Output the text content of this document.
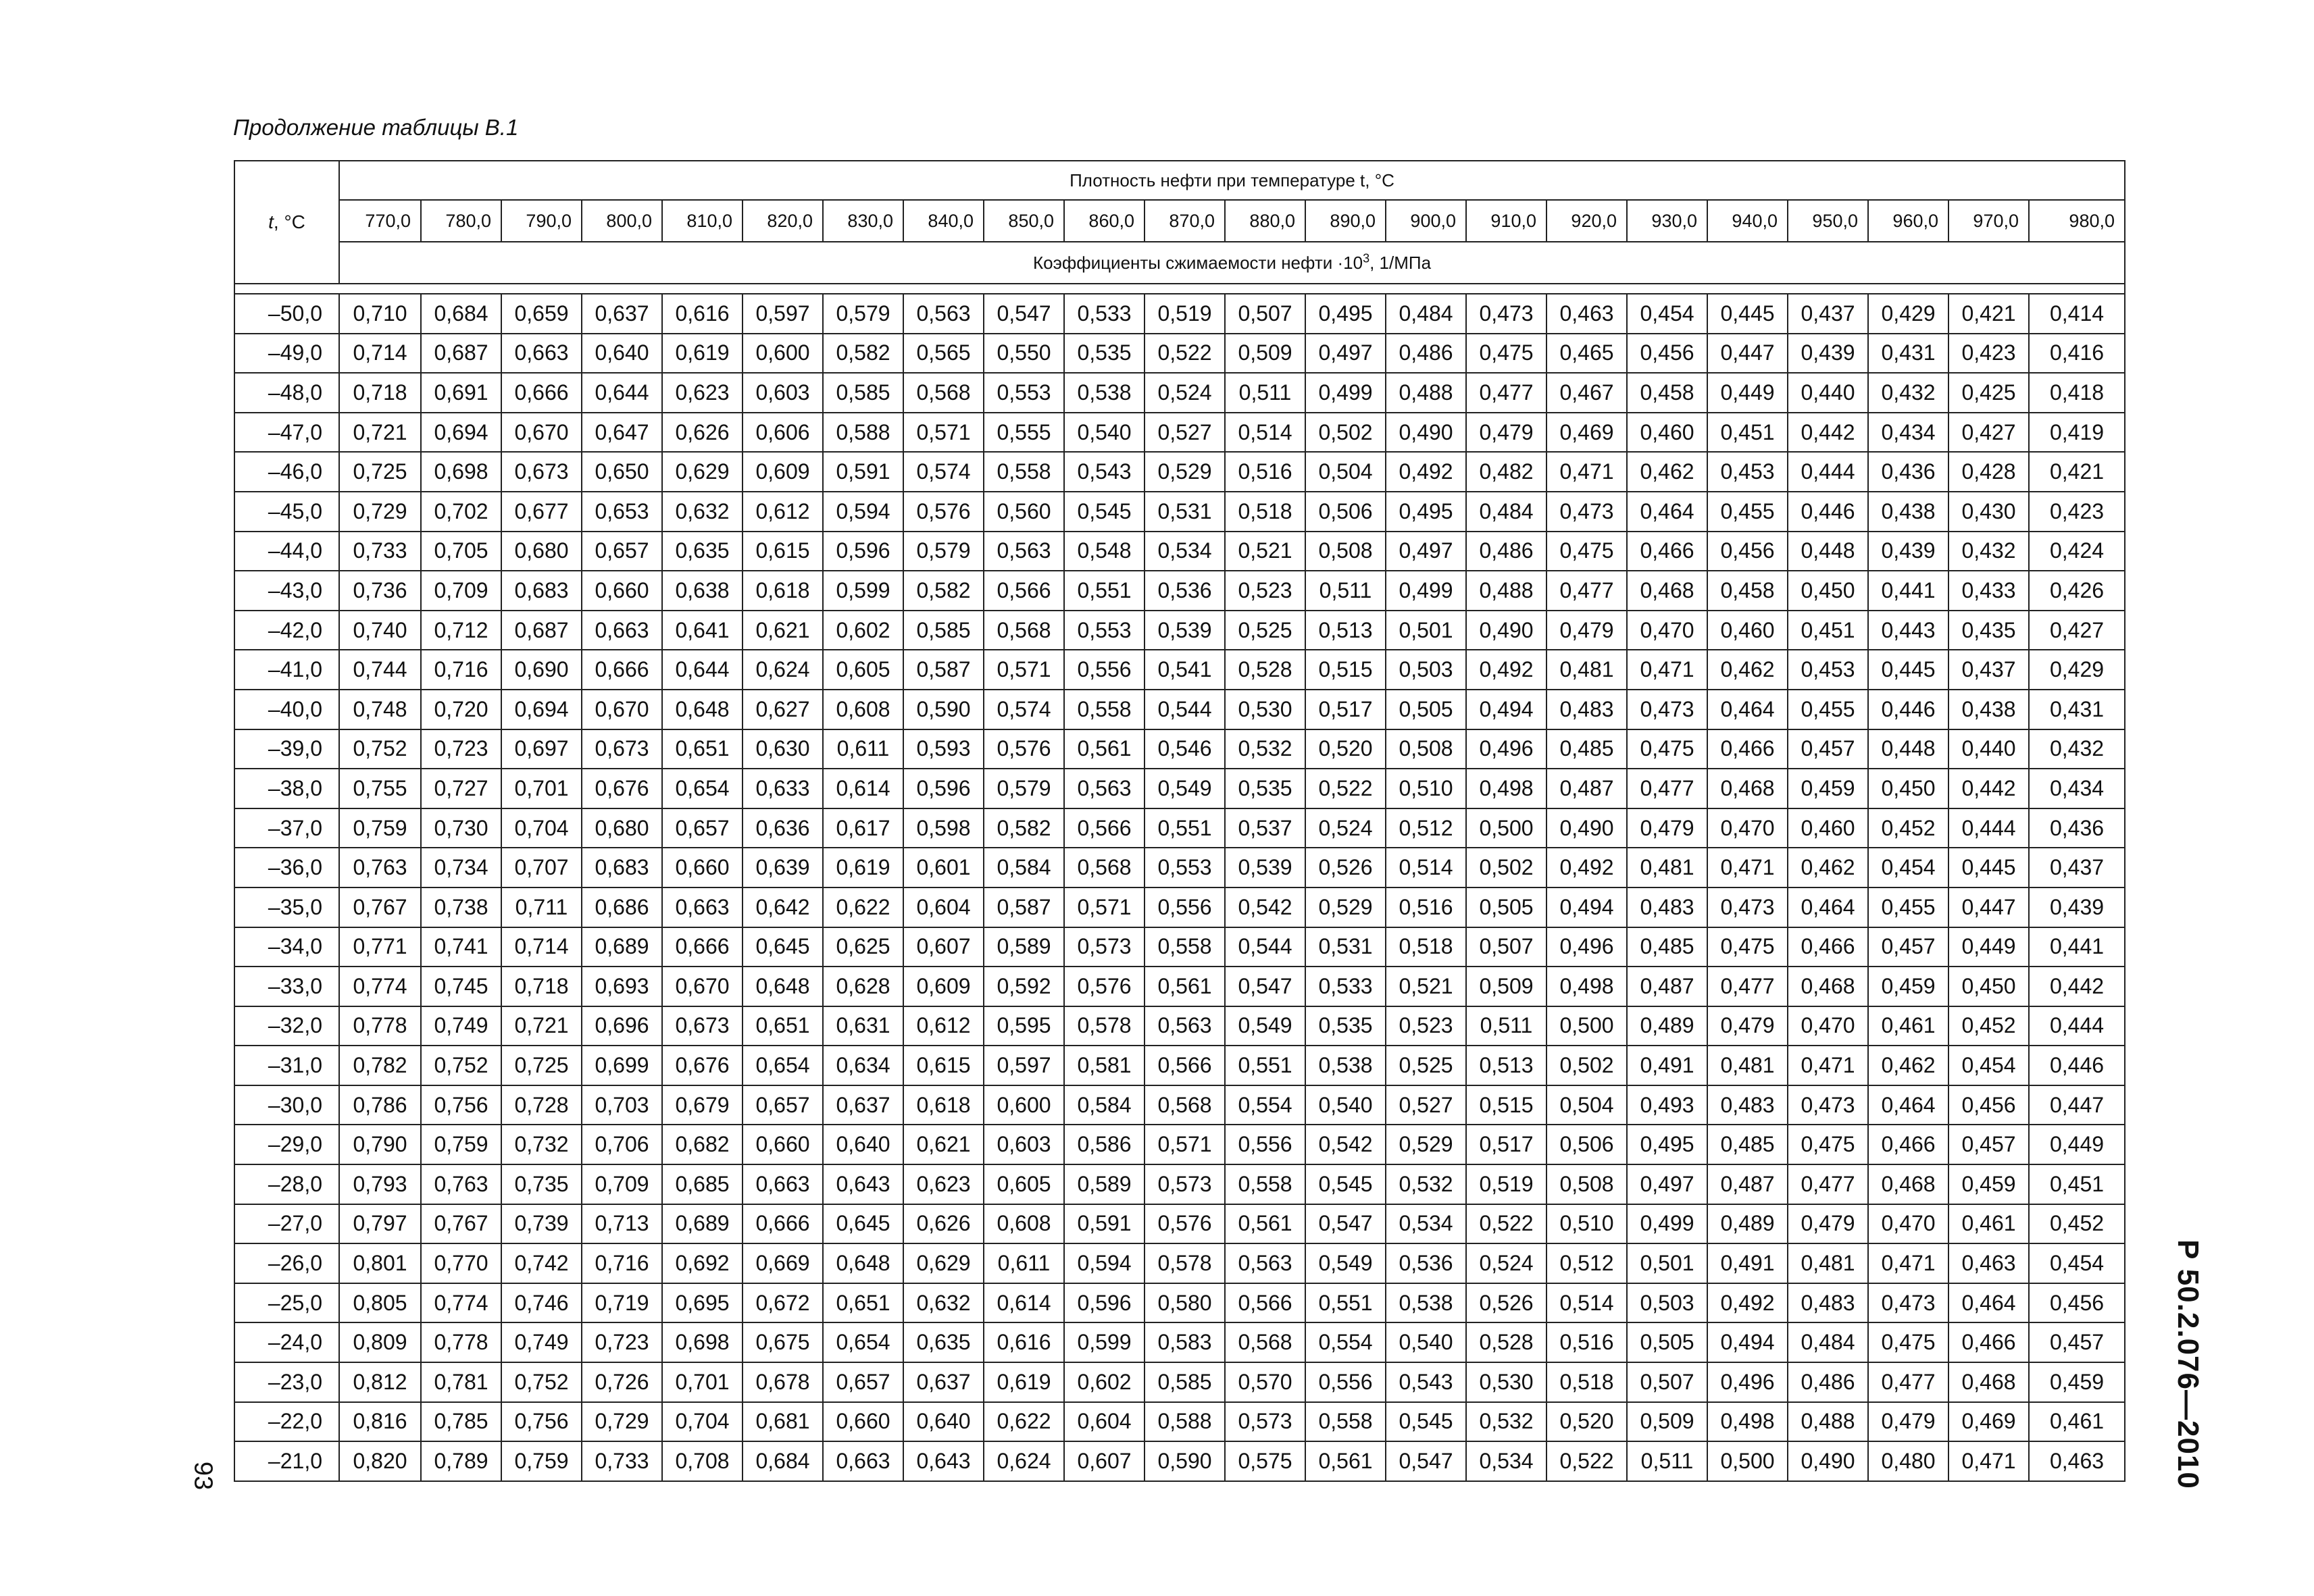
Продолжение таблицы В.1
t, °С	Плотность нефти при температуре t, °С																					
	770,0	780,0	790,0	800,0	810,0	820,0	830,0	840,0	850,0	860,0	870,0	880,0	890,0	900,0	910,0	920,0	930,0	940,0	950,0	960,0	970,0	980,0
	Коэффициенты сжимаемости нефти $\cdot 10^3$, 1/МПа																					

–50,0	0,710	0,684	0,659	0,637	0,616	0,597	0,579	0,563	0,547	0,533	0,519	0,507	0,495	0,484	0,473	0,463	0,454	0,445	0,437	0,429	0,421	0,414
–49,0	0,714	0,687	0,663	0,640	0,619	0,600	0,582	0,565	0,550	0,535	0,522	0,509	0,497	0,486	0,475	0,465	0,456	0,447	0,439	0,431	0,423	0,416
–48,0	0,718	0,691	0,666	0,644	0,623	0,603	0,585	0,568	0,553	0,538	0,524	0,511	0,499	0,488	0,477	0,467	0,458	0,449	0,440	0,432	0,425	0,418
–47,0	0,721	0,694	0,670	0,647	0,626	0,606	0,588	0,571	0,555	0,540	0,527	0,514	0,502	0,490	0,479	0,469	0,460	0,451	0,442	0,434	0,427	0,419
–46,0	0,725	0,698	0,673	0,650	0,629	0,609	0,591	0,574	0,558	0,543	0,529	0,516	0,504	0,492	0,482	0,471	0,462	0,453	0,444	0,436	0,428	0,421
–45,0	0,729	0,702	0,677	0,653	0,632	0,612	0,594	0,576	0,560	0,545	0,531	0,518	0,506	0,495	0,484	0,473	0,464	0,455	0,446	0,438	0,430	0,423
–44,0	0,733	0,705	0,680	0,657	0,635	0,615	0,596	0,579	0,563	0,548	0,534	0,521	0,508	0,497	0,486	0,475	0,466	0,456	0,448	0,439	0,432	0,424
–43,0	0,736	0,709	0,683	0,660	0,638	0,618	0,599	0,582	0,566	0,551	0,536	0,523	0,511	0,499	0,488	0,477	0,468	0,458	0,450	0,441	0,433	0,426
–42,0	0,740	0,712	0,687	0,663	0,641	0,621	0,602	0,585	0,568	0,553	0,539	0,525	0,513	0,501	0,490	0,479	0,470	0,460	0,451	0,443	0,435	0,427
–41,0	0,744	0,716	0,690	0,666	0,644	0,624	0,605	0,587	0,571	0,556	0,541	0,528	0,515	0,503	0,492	0,481	0,471	0,462	0,453	0,445	0,437	0,429
–40,0	0,748	0,720	0,694	0,670	0,648	0,627	0,608	0,590	0,574	0,558	0,544	0,530	0,517	0,505	0,494	0,483	0,473	0,464	0,455	0,446	0,438	0,431
–39,0	0,752	0,723	0,697	0,673	0,651	0,630	0,611	0,593	0,576	0,561	0,546	0,532	0,520	0,508	0,496	0,485	0,475	0,466	0,457	0,448	0,440	0,432
–38,0	0,755	0,727	0,701	0,676	0,654	0,633	0,614	0,596	0,579	0,563	0,549	0,535	0,522	0,510	0,498	0,487	0,477	0,468	0,459	0,450	0,442	0,434
–37,0	0,759	0,730	0,704	0,680	0,657	0,636	0,617	0,598	0,582	0,566	0,551	0,537	0,524	0,512	0,500	0,490	0,479	0,470	0,460	0,452	0,444	0,436
–36,0	0,763	0,734	0,707	0,683	0,660	0,639	0,619	0,601	0,584	0,568	0,553	0,539	0,526	0,514	0,502	0,492	0,481	0,471	0,462	0,454	0,445	0,437
–35,0	0,767	0,738	0,711	0,686	0,663	0,642	0,622	0,604	0,587	0,571	0,556	0,542	0,529	0,516	0,505	0,494	0,483	0,473	0,464	0,455	0,447	0,439
–34,0	0,771	0,741	0,714	0,689	0,666	0,645	0,625	0,607	0,589	0,573	0,558	0,544	0,531	0,518	0,507	0,496	0,485	0,475	0,466	0,457	0,449	0,441
–33,0	0,774	0,745	0,718	0,693	0,670	0,648	0,628	0,609	0,592	0,576	0,561	0,547	0,533	0,521	0,509	0,498	0,487	0,477	0,468	0,459	0,450	0,442
–32,0	0,778	0,749	0,721	0,696	0,673	0,651	0,631	0,612	0,595	0,578	0,563	0,549	0,535	0,523	0,511	0,500	0,489	0,479	0,470	0,461	0,452	0,444
–31,0	0,782	0,752	0,725	0,699	0,676	0,654	0,634	0,615	0,597	0,581	0,566	0,551	0,538	0,525	0,513	0,502	0,491	0,481	0,471	0,462	0,454	0,446
–30,0	0,786	0,756	0,728	0,703	0,679	0,657	0,637	0,618	0,600	0,584	0,568	0,554	0,540	0,527	0,515	0,504	0,493	0,483	0,473	0,464	0,456	0,447
–29,0	0,790	0,759	0,732	0,706	0,682	0,660	0,640	0,621	0,603	0,586	0,571	0,556	0,542	0,529	0,517	0,506	0,495	0,485	0,475	0,466	0,457	0,449
–28,0	0,793	0,763	0,735	0,709	0,685	0,663	0,643	0,623	0,605	0,589	0,573	0,558	0,545	0,532	0,519	0,508	0,497	0,487	0,477	0,468	0,459	0,451
–27,0	0,797	0,767	0,739	0,713	0,689	0,666	0,645	0,626	0,608	0,591	0,576	0,561	0,547	0,534	0,522	0,510	0,499	0,489	0,479	0,470	0,461	0,452
–26,0	0,801	0,770	0,742	0,716	0,692	0,669	0,648	0,629	0,611	0,594	0,578	0,563	0,549	0,536	0,524	0,512	0,501	0,491	0,481	0,471	0,463	0,454
–25,0	0,805	0,774	0,746	0,719	0,695	0,672	0,651	0,632	0,614	0,596	0,580	0,566	0,551	0,538	0,526	0,514	0,503	0,492	0,483	0,473	0,464	0,456
–24,0	0,809	0,778	0,749	0,723	0,698	0,675	0,654	0,635	0,616	0,599	0,583	0,568	0,554	0,540	0,528	0,516	0,505	0,494	0,484	0,475	0,466	0,457
–23,0	0,812	0,781	0,752	0,726	0,701	0,678	0,657	0,637	0,619	0,602	0,585	0,570	0,556	0,543	0,530	0,518	0,507	0,496	0,486	0,477	0,468	0,459
–22,0	0,816	0,785	0,756	0,729	0,704	0,681	0,660	0,640	0,622	0,604	0,588	0,573	0,558	0,545	0,532	0,520	0,509	0,498	0,488	0,479	0,469	0,461
–21,0	0,820	0,789	0,759	0,733	0,708	0,684	0,663	0,643	0,624	0,607	0,590	0,575	0,561	0,547	0,534	0,522	0,511	0,500	0,490	0,480	0,471	0,463 Р 50.2.076—2010
93
